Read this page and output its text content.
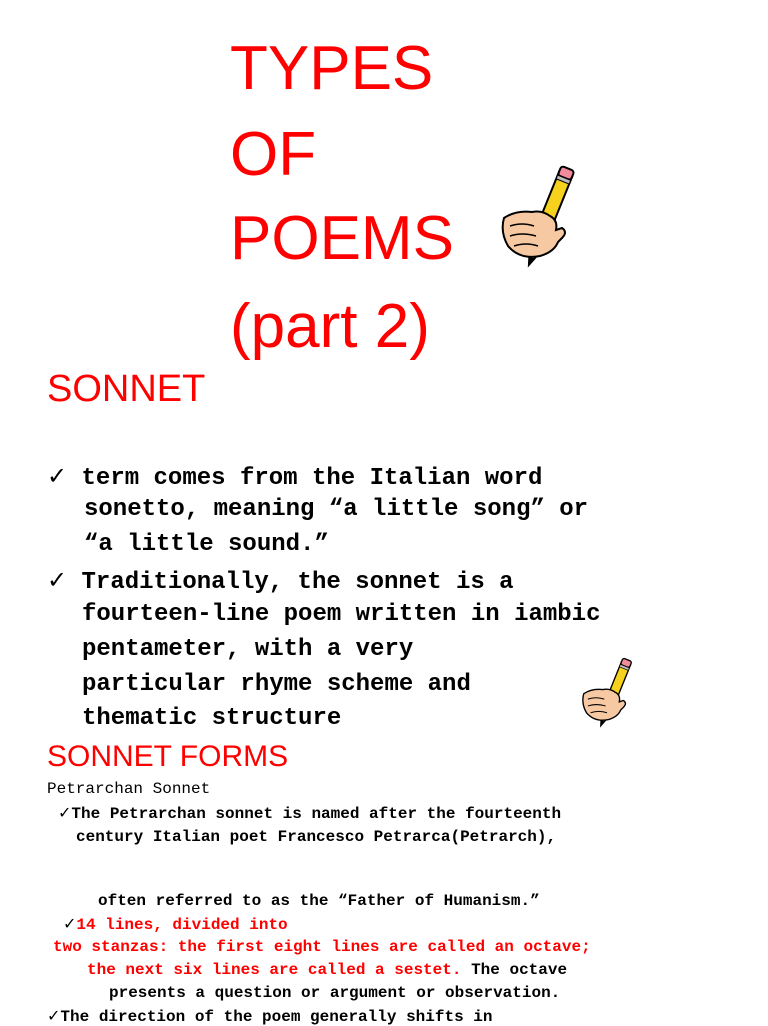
TYPES
OF
POEMS
(part 2)
SONNET
✓ term comes from the Italian word
sonetto, meaning “a little song” or
“a little sound.”
✓ Traditionally, the sonnet is a
fourteen-line poem written in iambic
pentameter, with a very
particular rhyme scheme and
thematic structure
SONNET FORMS
Petrarchan Sonnet
✓The Petrarchan sonnet is named after the fourteenth
century Italian poet Francesco Petrarca(Petrarch),
often referred to as the “Father of Humanism.”
✓14 lines, divided into
two stanzas: the first eight lines are called an octave;
the next six lines are called a sestet. The octave
presents a question or argument or observation.
✓The direction of the poem generally shifts in
